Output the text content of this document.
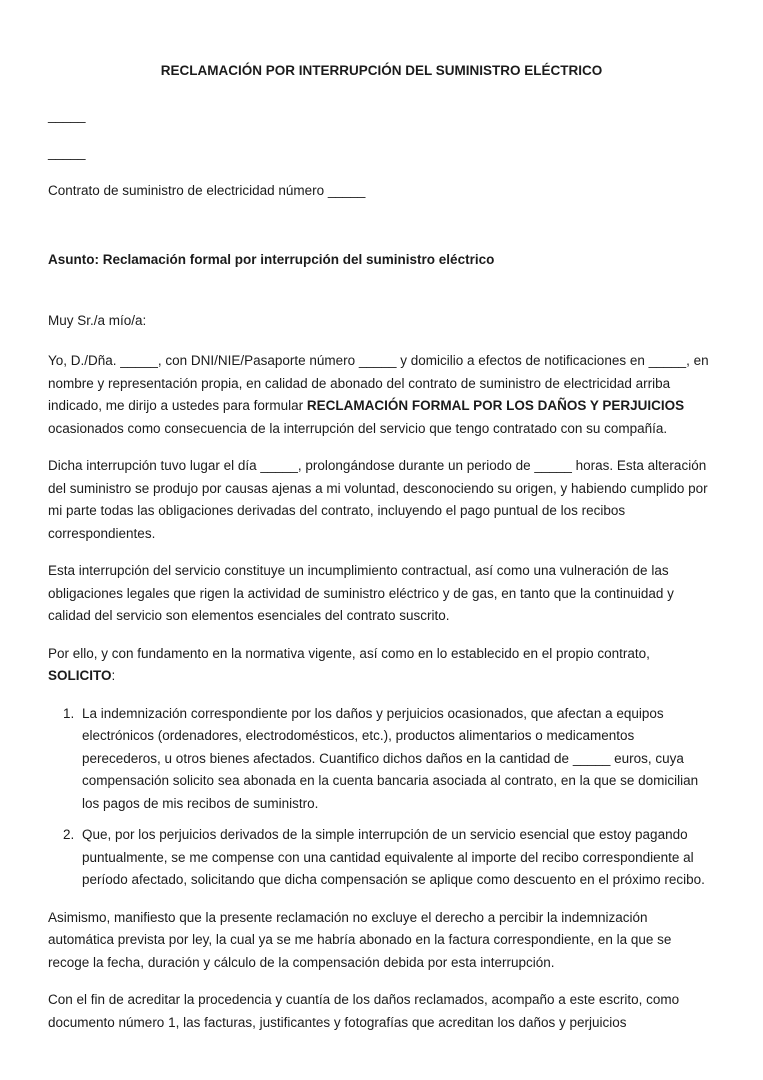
RECLAMACIÓN POR INTERRUPCIÓN DEL SUMINISTRO ELÉCTRICO

_____

_____

Contrato de suministro de electricidad número _____

Asunto: Reclamación formal por interrupción del suministro eléctrico

Muy Sr./a mío/a:

Yo, D./Dña. _____, con DNI/NIE/Pasaporte número _____ y domicilio a efectos de notificaciones en _____, en nombre y representación propia, en calidad de abonado del contrato de suministro de electricidad arriba indicado, me dirijo a ustedes para formular RECLAMACIÓN FORMAL POR LOS DAÑOS Y PERJUICIOS ocasionados como consecuencia de la interrupción del servicio que tengo contratado con su compañía.

Dicha interrupción tuvo lugar el día _____, prolongándose durante un periodo de _____ horas. Esta alteración del suministro se produjo por causas ajenas a mi voluntad, desconociendo su origen, y habiendo cumplido por mi parte todas las obligaciones derivadas del contrato, incluyendo el pago puntual de los recibos correspondientes.

Esta interrupción del servicio constituye un incumplimiento contractual, así como una vulneración de las obligaciones legales que rigen la actividad de suministro eléctrico y de gas, en tanto que la continuidad y calidad del servicio son elementos esenciales del contrato suscrito.

Por ello, y con fundamento en la normativa vigente, así como en lo establecido en el propio contrato, SOLICITO:

1. La indemnización correspondiente por los daños y perjuicios ocasionados, que afectan a equipos electrónicos (ordenadores, electrodomésticos, etc.), productos alimentarios o medicamentos perecederos, u otros bienes afectados. Cuantifico dichos daños en la cantidad de _____ euros, cuya compensación solicito sea abonada en la cuenta bancaria asociada al contrato, en la que se domicilian los pagos de mis recibos de suministro.
2. Que, por los perjuicios derivados de la simple interrupción de un servicio esencial que estoy pagando puntualmente, se me compense con una cantidad equivalente al importe del recibo correspondiente al período afectado, solicitando que dicha compensación se aplique como descuento en el próximo recibo.

Asimismo, manifiesto que la presente reclamación no excluye el derecho a percibir la indemnización automática prevista por ley, la cual ya se me habría abonado en la factura correspondiente, en la que se recoge la fecha, duración y cálculo de la compensación debida por esta interrupción.

Con el fin de acreditar la procedencia y cuantía de los daños reclamados, acompaño a este escrito, como documento número 1, las facturas, justificantes y fotografías que acreditan los daños y perjuicios
